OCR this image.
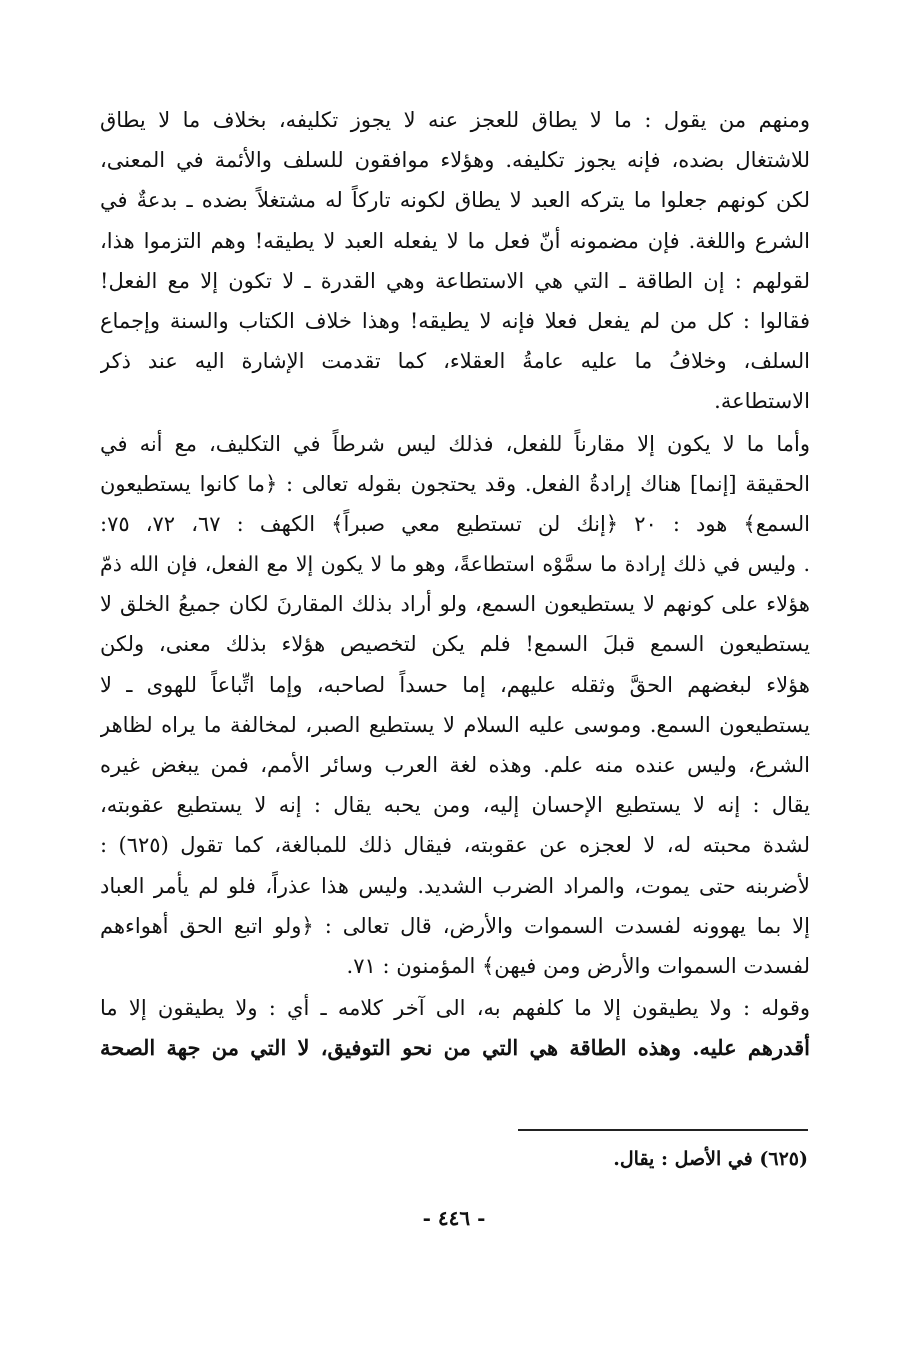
ومنهم من يقول : ما لا يطاق للعجز عنه لا يجوز تكليفه، بخلاف ما لا يطاق
للاشتغال بضده، فإنه يجوز تكليفه. وهؤلاء موافقون للسلف والأئمة في المعنى،
لكن كونهم جعلوا ما يتركه العبد لا يطاق لكونه تاركاً له مشتغلاً بضده ـ بدعةٌ في
الشرع واللغة. فإن مضمونه أنّ فعل ما لا يفعله العبد لا يطيقه! وهم التزموا هذا،
لقولهم : إن الطاقة ـ التي هي الاستطاعة وهي القدرة ـ لا تكون إلا مع الفعل!
فقالوا : كل من لم يفعل فعلا فإنه لا يطيقه! وهذا خلاف الكتاب والسنة وإجماع
السلف، وخلافُ ما عليه عامةُ العقلاء، كما تقدمت الإشارة اليه عند ذكر
الاستطاعة.
وأما ما لا يكون إلا مقارناً للفعل، فذلك ليس شرطاً في التكليف، مع أنه في
الحقيقة [إنما] هناك إرادةُ الفعل. وقد يحتجون بقوله تعالى : ﴿ما كانوا يستطيعون
السمع﴾ هود : ٢٠ ﴿إنك لن تستطيع معي صبراً﴾ الكهف : ٦٧، ٧٢، ٧٥:
. وليس في ذلك إرادة ما سمَّوْه استطاعةً، وهو ما لا يكون إلا مع الفعل، فإن الله ذمّ
هؤلاء على كونهم لا يستطيعون السمع، ولو أراد بذلك المقارنَ لكان جميعُ الخلق لا
يستطيعون السمع قبلَ السمع! فلم يكن لتخصيص هؤلاء بذلك معنى، ولكن
هؤلاء لبغضهم الحقَّ وثقله عليهم، إما حسداً لصاحبه، وإما اتِّباعاً للهوى ـ لا
يستطيعون السمع. وموسى عليه السلام لا يستطيع الصبر، لمخالفة ما يراه لظاهر
الشرع، وليس عنده منه علم. وهذه لغة العرب وسائر الأمم، فمن يبغض غيره
يقال : إنه لا يستطيع الإحسان إليه، ومن يحبه يقال : إنه لا يستطيع عقوبته،
لشدة محبته له، لا لعجزه عن عقوبته، فيقال ذلك للمبالغة، كما تقول (٦٢٥) :
لأضربنه حتى يموت، والمراد الضرب الشديد. وليس هذا عذراً، فلو لم يأمر العباد
إلا بما يهوونه لفسدت السموات والأرض، قال تعالى : ﴿ولو اتبع الحق أهواءهم
لفسدت السموات والأرض ومن فيهن﴾ المؤمنون : ٧١.
وقوله : ولا يطيقون إلا ما كلفهم به، الى آخر كلامه ـ أي : ولا يطيقون إلا ما
أقدرهم عليه. وهذه الطاقة هي التي من نحو التوفيق، لا التي من جهة الصحة
(٦٢٥) في الأصل : يقال.
- ٤٤٦ -
